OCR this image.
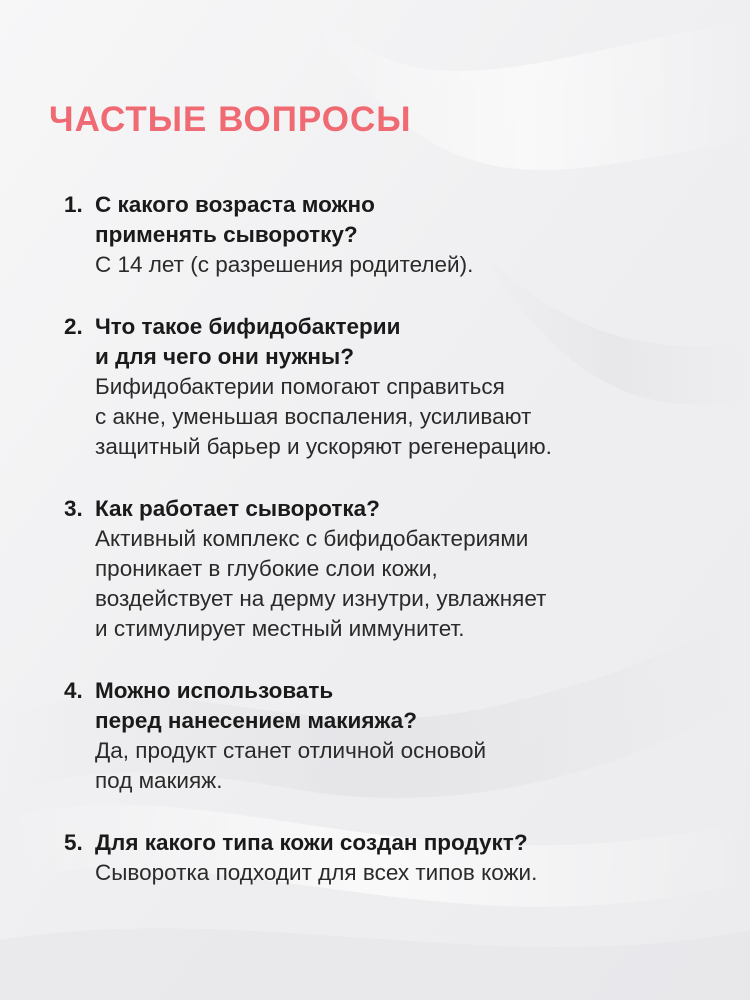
ЧАСТЫЕ ВОПРОСЫ
1. С какого возраста можно
применять сыворотку?
С 14 лет (с разрешения родителей).
2. Что такое бифидобактерии
и для чего они нужны?
Бифидобактерии помогают справиться
с акне, уменьшая воспаления, усиливают
защитный барьер и ускоряют регенерацию.
3. Как работает сыворотка?
Активный комплекс с бифидобактериями
проникает в глубокие слои кожи,
воздействует на дерму изнутри, увлажняет
и стимулирует местный иммунитет.
4. Можно использовать
перед нанесением макияжа?
Да, продукт станет отличной основой
под макияж.
5. Для какого типа кожи создан продукт?
Сыворотка подходит для всех типов кожи.
